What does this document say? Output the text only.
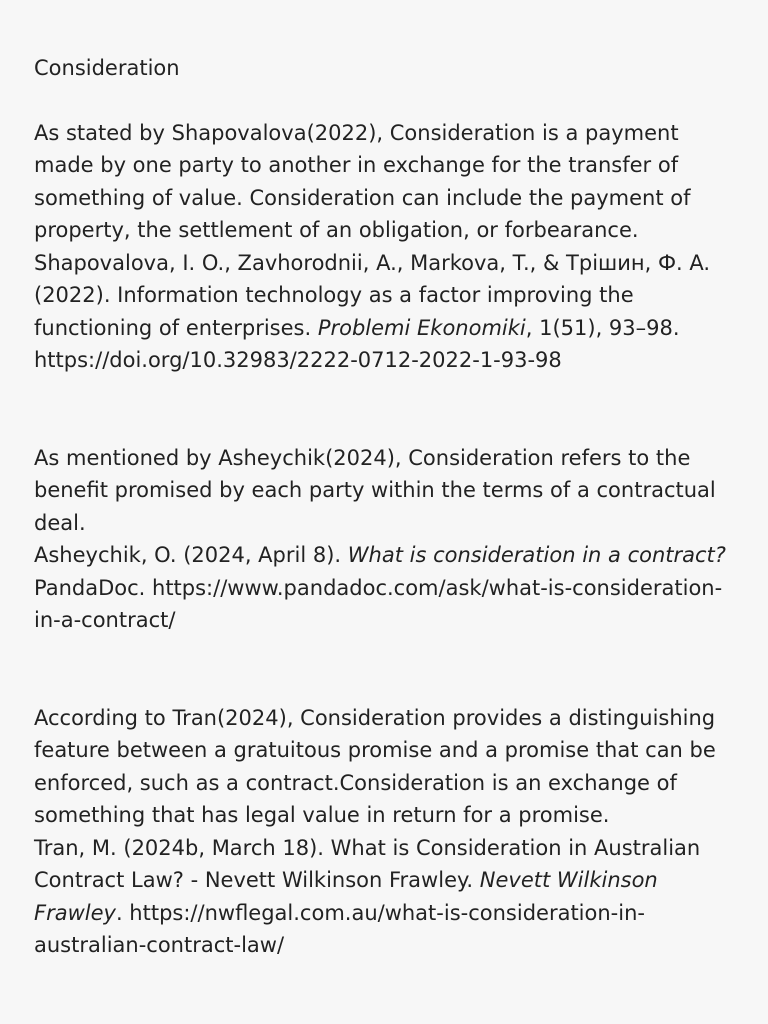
Consideration

As stated by Shapovalova(2022), Consideration is a payment made by one party to another in exchange for the transfer of something of value. Consideration can include the payment of property, the settlement of an obligation, or forbearance.

Shapovalova, I. O., Zavhorodnii, A., Markova, T., & Трішин, Ф. A. (2022). Information technology as a factor improving the functioning of enterprises. Problemi Ekonomiki, 1(51), 93–98. https://doi.org/10.32983/2222-0712-2022-1-93-98

As mentioned by Asheychik(2024), Consideration refers to the benefit promised by each party within the terms of a contractual deal.

Asheychik, O. (2024, April 8). What is consideration in a contract? PandaDoc. https://www.pandadoc.com/ask/what-is-consideration-in-a-contract/

According to Tran(2024), Consideration provides a distinguishing feature between a gratuitous promise and a promise that can be enforced, such as a contract.Consideration is an exchange of something that has legal value in return for a promise.

Tran, M. (2024b, March 18). What is Consideration in Australian Contract Law? - Nevett Wilkinson Frawley. Nevett Wilkinson Frawley. https://nwflegal.com.au/what-is-consideration-in-australian-contract-law/
